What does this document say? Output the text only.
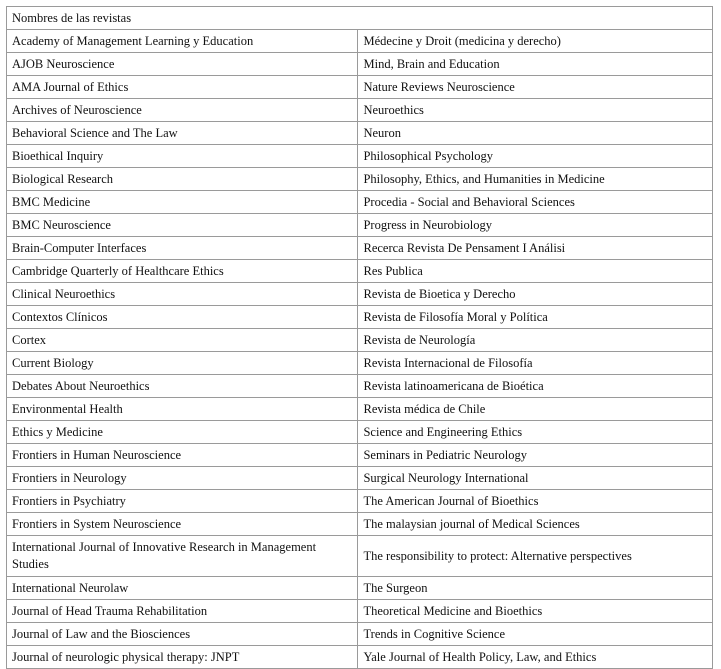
Nombres de las revistas	
Academy of Management Learning y Education	Médecine y Droit (medicina y derecho)
AJOB Neuroscience	Mind, Brain and Education
AMA Journal of Ethics	Nature Reviews Neuroscience
Archives of Neuroscience	Neuroethics
Behavioral Science and The Law	Neuron
Bioethical Inquiry	Philosophical Psychology
Biological Research	Philosophy, Ethics, and Humanities in Medicine
BMC Medicine	Procedia - Social and Behavioral Sciences
BMC Neuroscience	Progress in Neurobiology
Brain-Computer Interfaces	Recerca Revista De Pensament I Análisi
Cambridge Quarterly of Healthcare Ethics	Res Publica
Clinical Neuroethics	Revista de Bioetica y Derecho
Contextos Clínicos	Revista de Filosofía Moral y Política
Cortex	Revista de Neurología
Current Biology	Revista Internacional de Filosofía
Debates About Neuroethics	Revista latinoamericana de Bioética
Environmental Health	Revista médica de Chile
Ethics y Medicine	Science and Engineering Ethics
Frontiers in Human Neuroscience	Seminars in Pediatric Neurology
Frontiers in Neurology	Surgical Neurology International
Frontiers in Psychiatry	The American Journal of Bioethics
Frontiers in System Neuroscience	The malaysian journal of Medical Sciences
International Journal of Innovative Research in Management Studies	The responsibility to protect: Alternative perspectives
International Neurolaw	The Surgeon
Journal of Head Trauma Rehabilitation	Theoretical Medicine and Bioethics
Journal of Law and the Biosciences	Trends in Cognitive Science
Journal of neurologic physical therapy: JNPT	Yale Journal of Health Policy, Law, and Ethics
